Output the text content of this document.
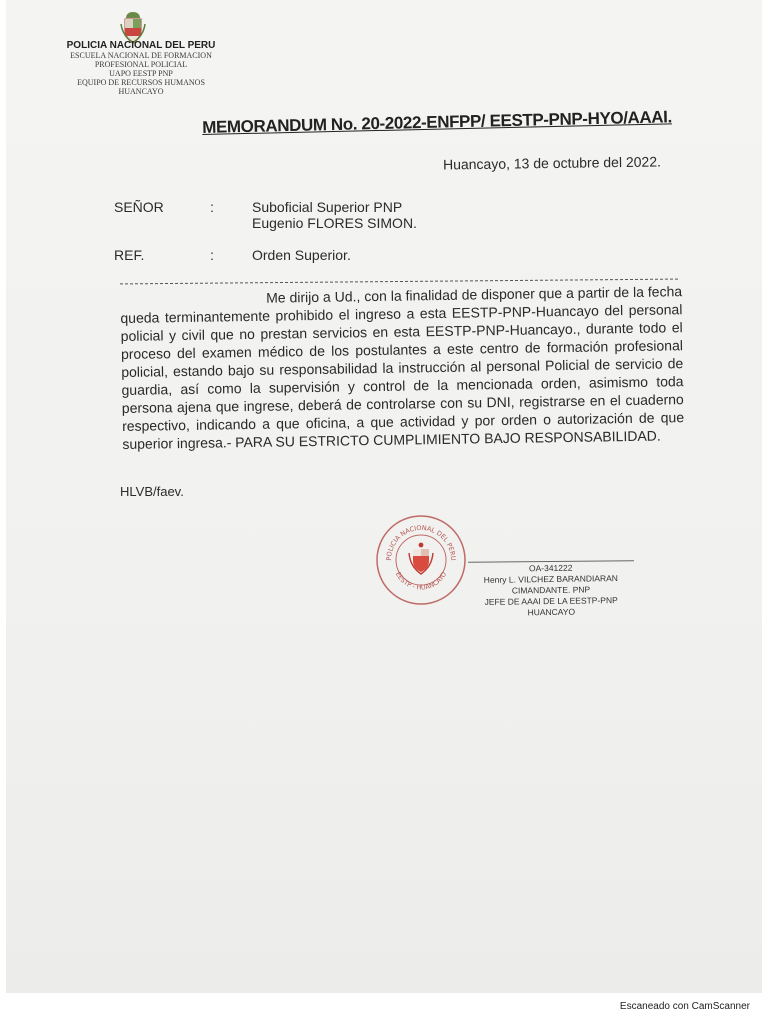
POLICIA NACIONAL DEL PERU
ESCUELA NACIONAL DE FORMACION
PROFESIONAL POLICIAL
UAPO EESTP PNP
EQUIPO DE RECURSOS HUMANOS
HUANCAYO
MEMORANDUM No. 20-2022-ENFPP/ EESTP-PNP-HYO/AAAI.
Huancayo, 13 de octubre del 2022.
SEÑOR	:	Suboficial Superior PNP
Eugenio FLORES SIMON.
REF.	:	Orden Superior.
Me dirijo a Ud., con la finalidad de disponer que a partir de la fecha queda terminantemente prohibido el ingreso a esta EESTP-PNP-Huancayo del personal policial y civil que no prestan servicios en esta EESTP-PNP-Huancayo., durante todo el proceso del examen médico de los postulantes a este centro de formación profesional policial, estando bajo su responsabilidad la instrucción al personal Policial de servicio de guardia, así como la supervisión y control de la mencionada orden, asimismo toda persona ajena que ingrese, deberá de controlarse con su DNI, registrarse en el cuaderno respectivo, indicando a que oficina, a que actividad y por orden o autorización de que superior ingresa.- PARA SU ESTRICTO CUMPLIMIENTO BAJO RESPONSABILIDAD.
HLVB/faev.
POLICIA NACIONAL DEL PERU
EESTP - HUANCAYO
OA-341222
Henry L. VILCHEZ BARANDIARAN
CIMANDANTE. PNP
JEFE DE AAAI DE LA EESTP-PNP HUANCAYO
Escaneado con CamScanner
